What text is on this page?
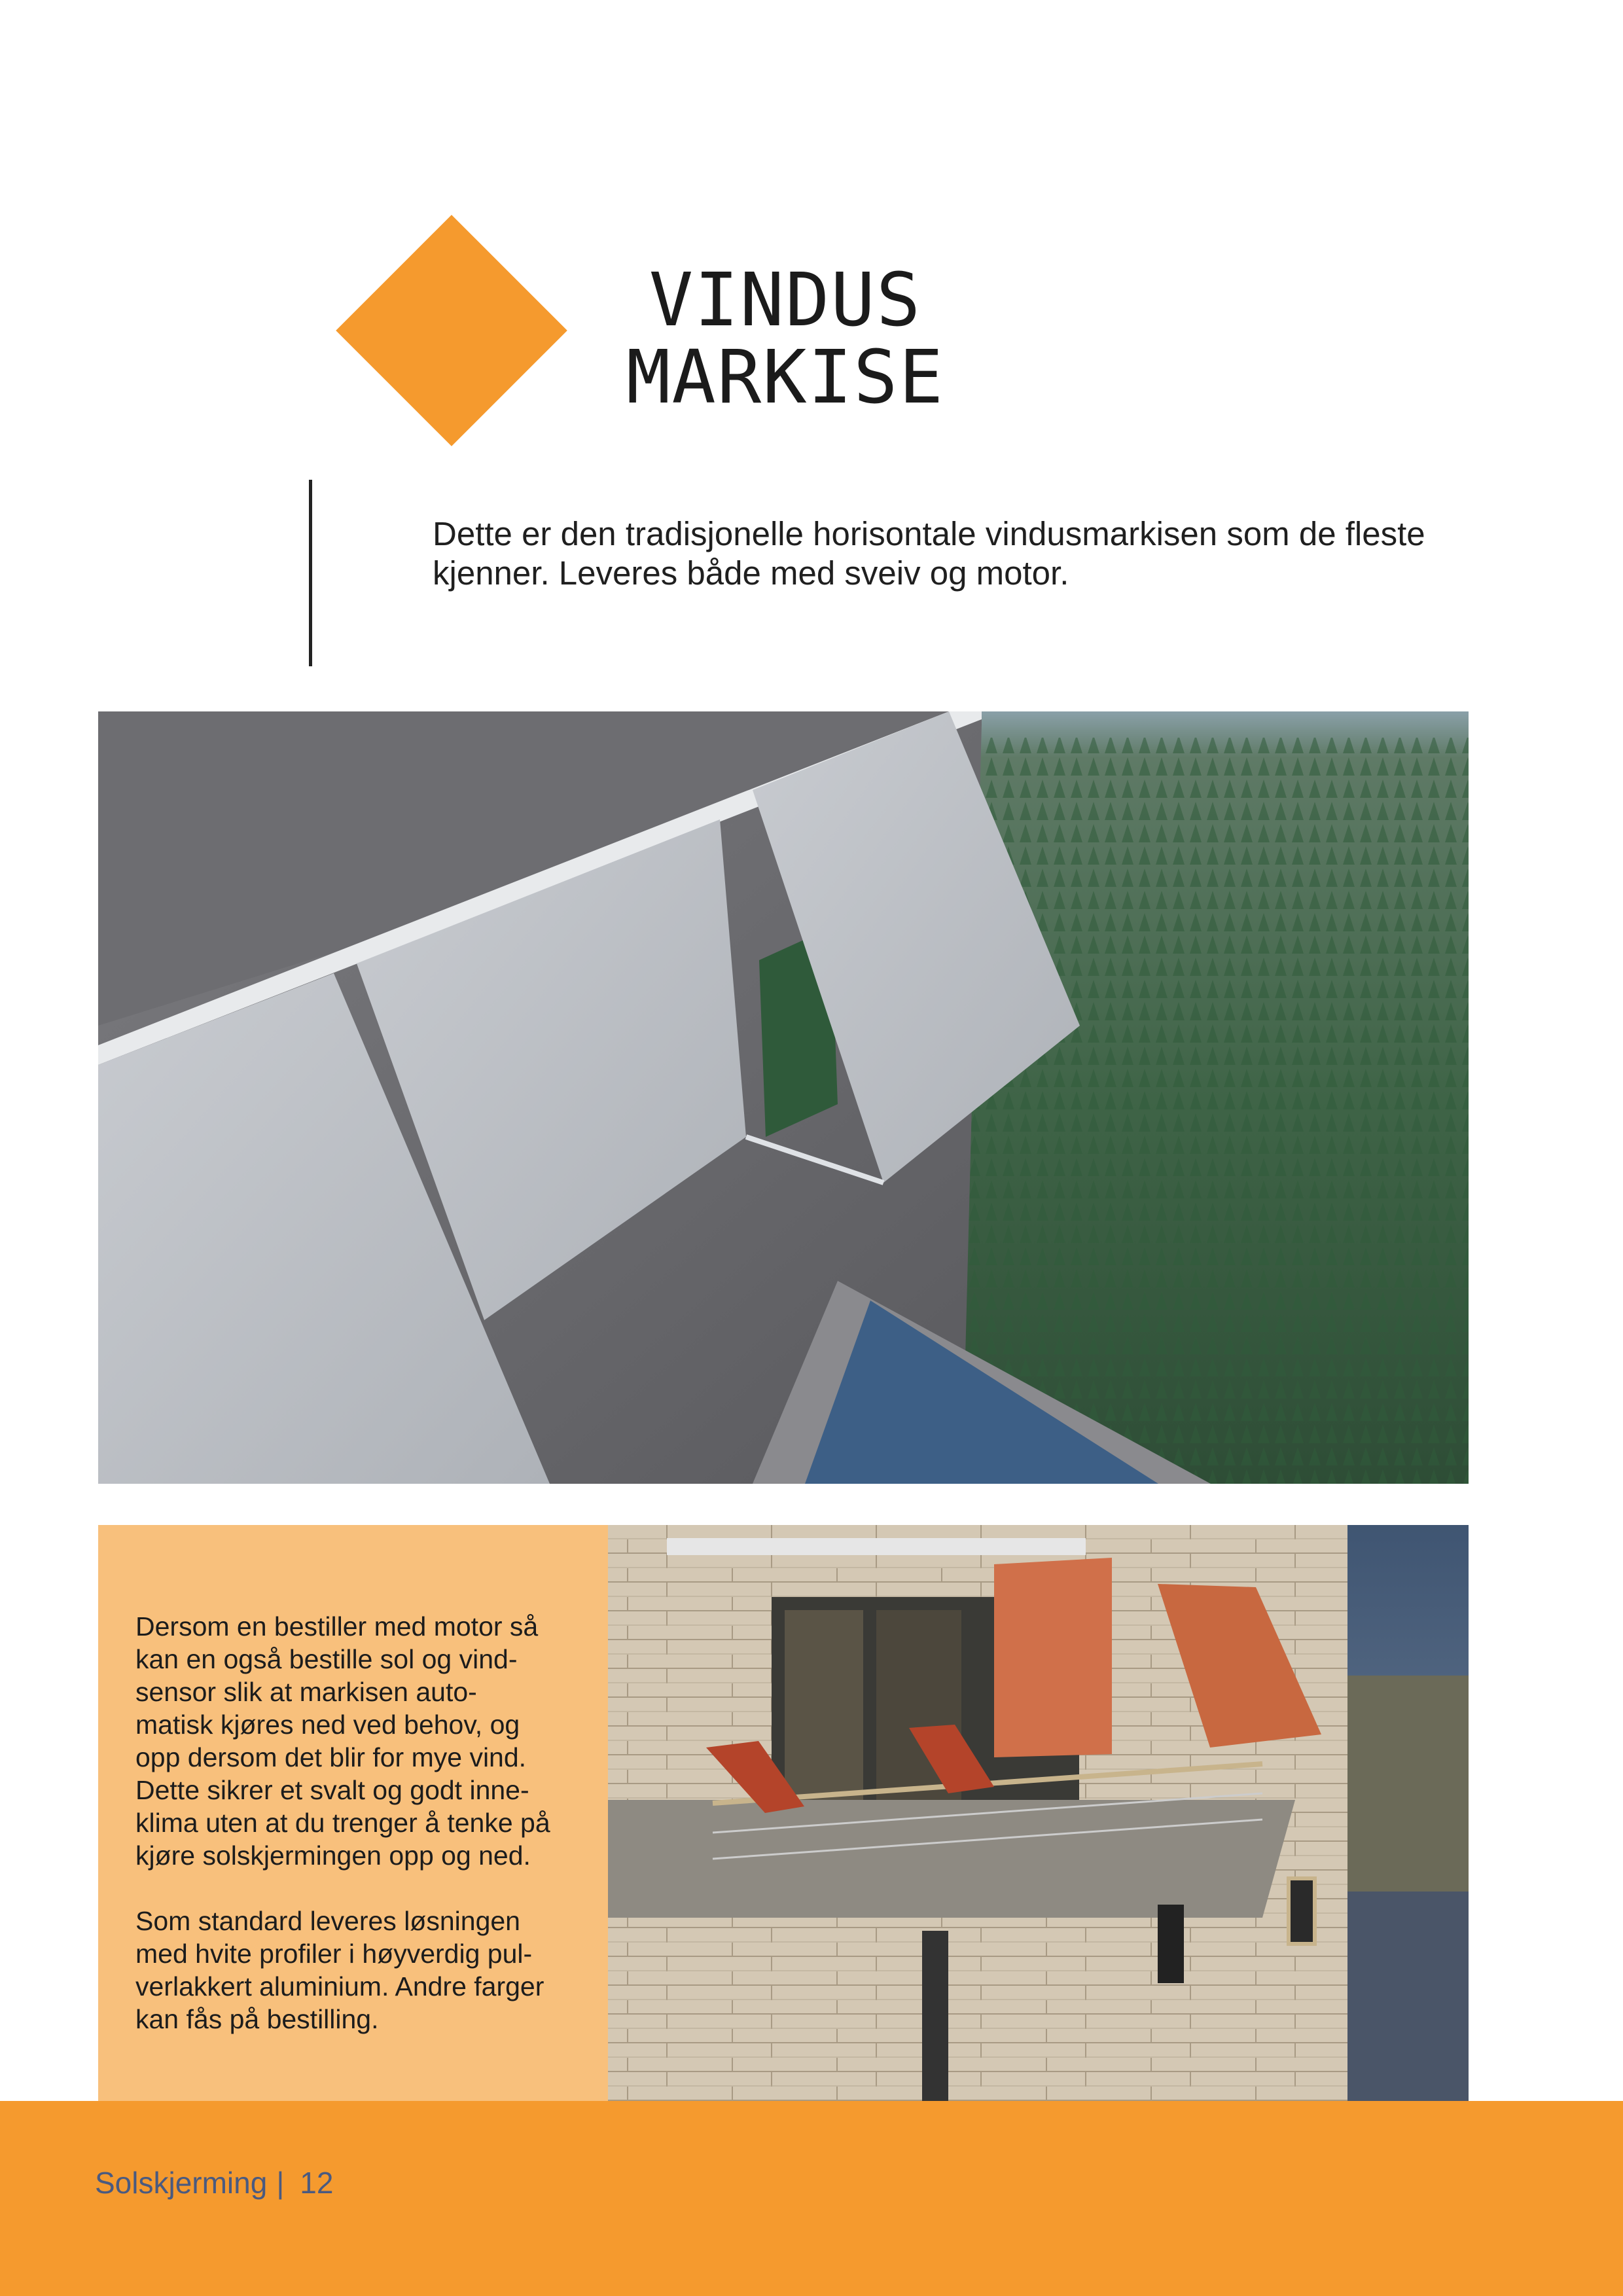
VINDUS
MARKISE
Dette er den tradisjonelle horisontale vindusmarkisen som de fleste kjenner. Leveres både med sveiv og motor.

Dersom en bestiller med motor så
kan en også bestille sol og vind-
sensor slik at markisen auto-
matisk kjøres ned ved behov, og
opp dersom det blir for mye vind.
Dette sikrer et svalt og godt inne-
klima uten at du trenger å tenke på
kjøre solskjermingen opp og ned.

Som standard leveres løsningen
med hvite profiler i høyverdig pul-
verlakkert aluminium. Andre farger
kan fås på bestilling.

Solskjerming | 12
